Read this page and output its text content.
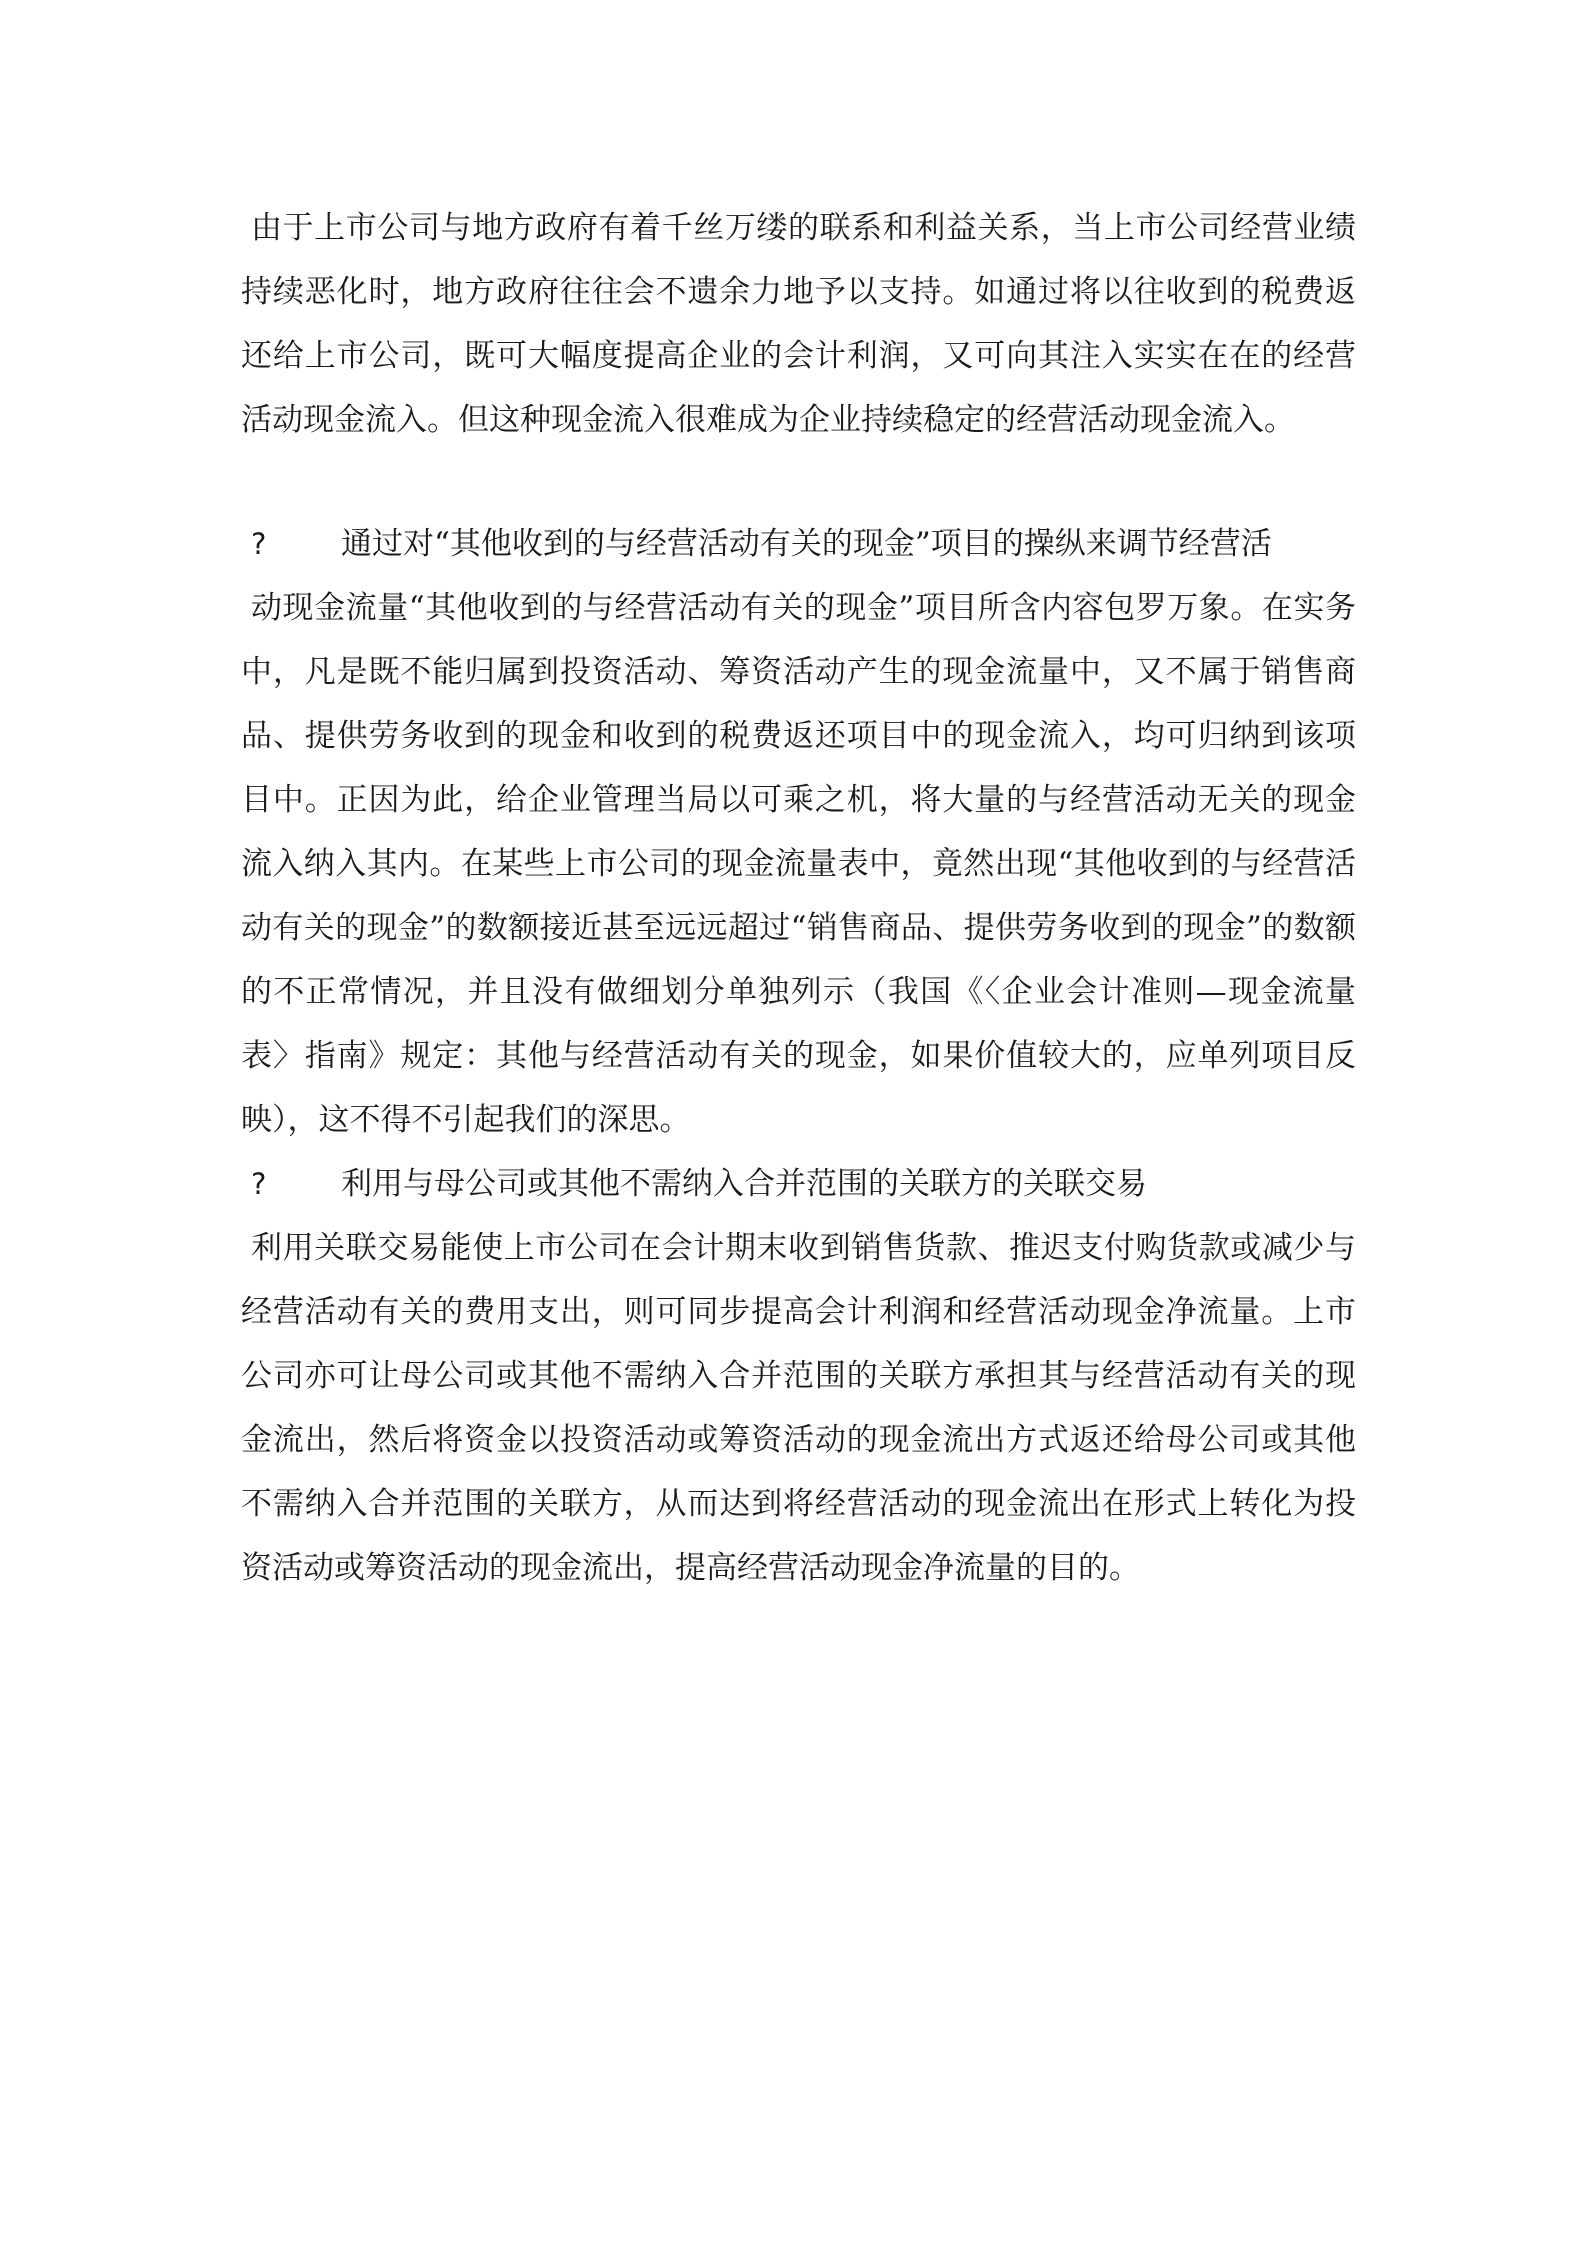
由于上市公司与地方政府有着千丝万缕的联系和利益关系，当上市公司经营业绩持续恶化时，地方政府往往会不遗余力地予以支持。如通过将以往收到的税费返还给上市公司，既可大幅度提高企业的会计利润，又可向其注入实实在在的经营活动现金流入。但这种现金流入很难成为企业持续稳定的经营活动现金流入。

?	通过对“其他收到的与经营活动有关的现金”项目的操纵来调节经营活

动现金流量“其他收到的与经营活动有关的现金”项目所含内容包罗万象。在实务中，凡是既不能归属到投资活动、筹资活动产生的现金流量中，又不属于销售商品、提供劳务收到的现金和收到的税费返还项目中的现金流入，均可归纳到该项目中。正因为此，给企业管理当局以可乘之机，将大量的与经营活动无关的现金流入纳入其内。在某些上市公司的现金流量表中，竟然出现“其他收到的与经营活动有关的现金”的数额接近甚至远远超过“销售商品、提供劳务收到的现金”的数额的不正常情况，并且没有做细划分单独列示（我国《〈企业会计准则—现金流量表〉指南》规定：其他与经营活动有关的现金，如果价值较大的，应单列项目反映），这不得不引起我们的深思。

?	利用与母公司或其他不需纳入合并范围的关联方的关联交易

利用关联交易能使上市公司在会计期末收到销售货款、推迟支付购货款或减少与经营活动有关的费用支出，则可同步提高会计利润和经营活动现金净流量。上市公司亦可让母公司或其他不需纳入合并范围的关联方承担其与经营活动有关的现金流出，然后将资金以投资活动或筹资活动的现金流出方式返还给母公司或其他不需纳入合并范围的关联方，从而达到将经营活动的现金流出在形式上转化为投资活动或筹资活动的现金流出，提高经营活动现金净流量的目的。
